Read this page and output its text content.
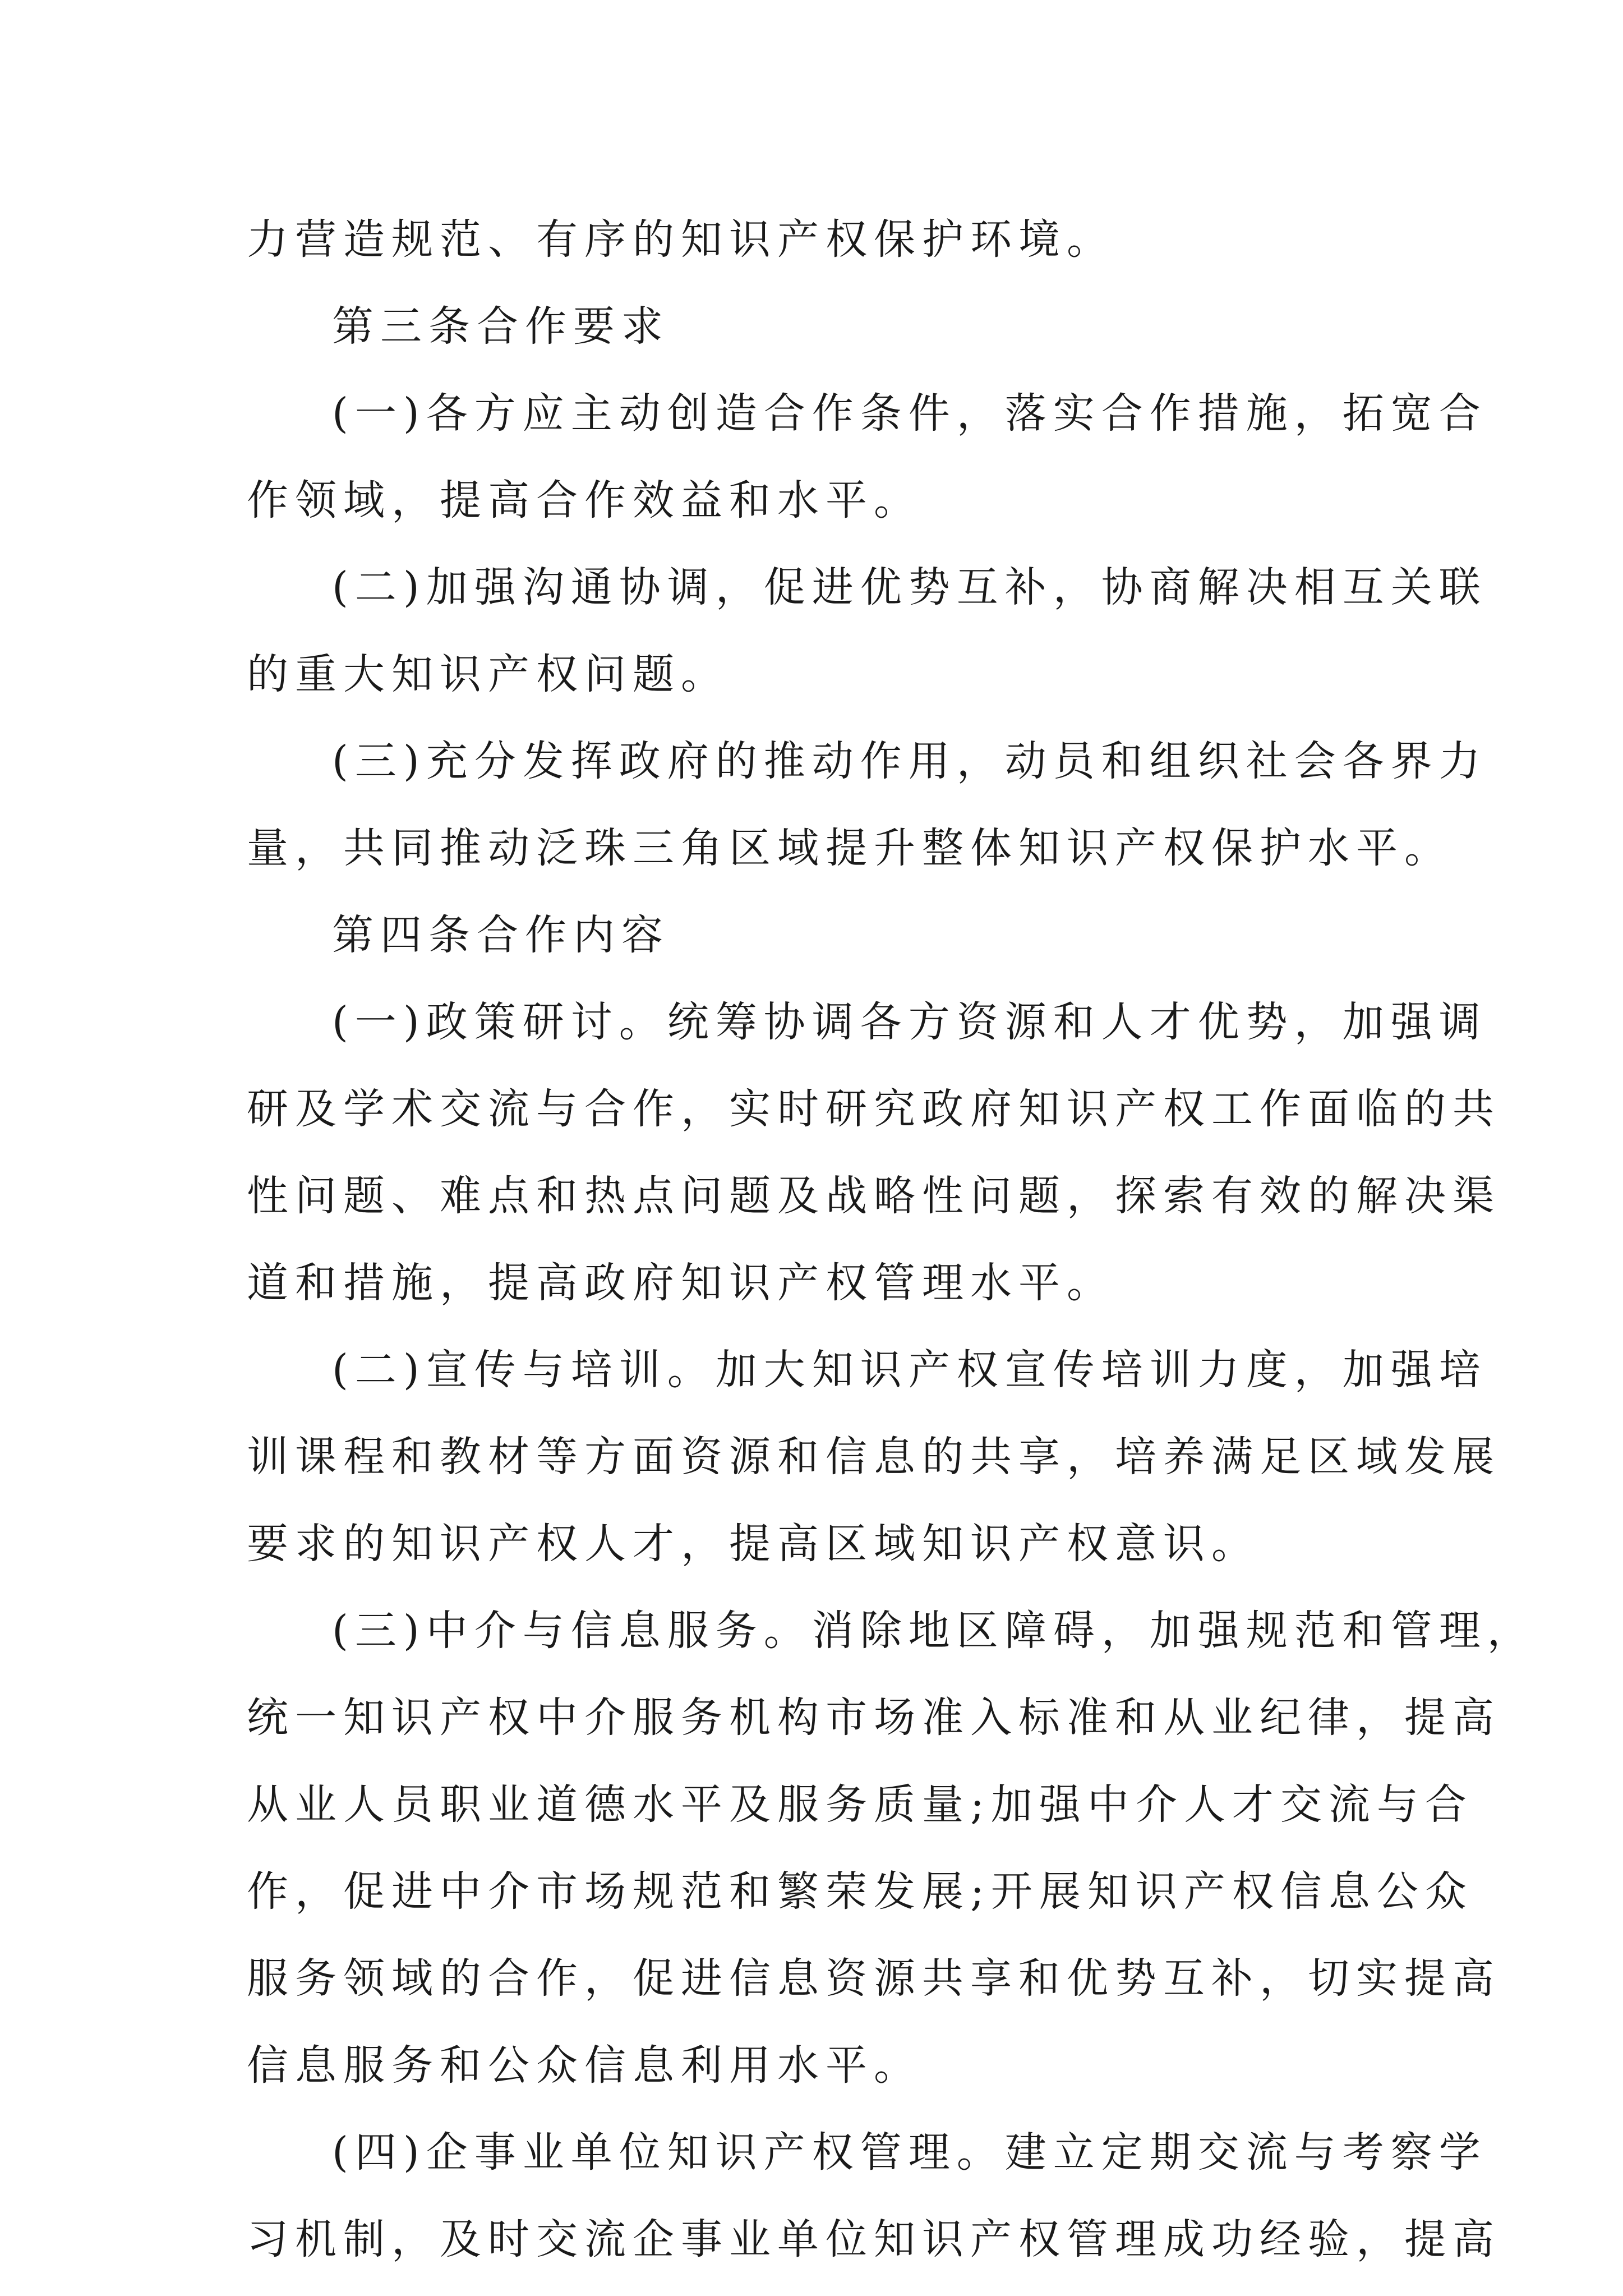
力营造规范、有序的知识产权保护环境。
第三条合作要求
(一)各方应主动创造合作条件，落实合作措施，拓宽合
作领域，提高合作效益和水平。
(二)加强沟通协调，促进优势互补，协商解决相互关联
的重大知识产权问题。
(三)充分发挥政府的推动作用，动员和组织社会各界力
量，共同推动泛珠三角区域提升整体知识产权保护水平。
第四条合作内容
(一)政策研讨。统筹协调各方资源和人才优势，加强调
研及学术交流与合作，实时研究政府知识产权工作面临的共
性问题、难点和热点问题及战略性问题，探索有效的解决渠
道和措施，提高政府知识产权管理水平。
(二)宣传与培训。加大知识产权宣传培训力度，加强培
训课程和教材等方面资源和信息的共享，培养满足区域发展
要求的知识产权人才，提高区域知识产权意识。
(三)中介与信息服务。消除地区障碍，加强规范和管理，
统一知识产权中介服务机构市场准入标准和从业纪律，提高
从业人员职业道德水平及服务质量;加强中介人才交流与合
作，促进中介市场规范和繁荣发展;开展知识产权信息公众
服务领域的合作，促进信息资源共享和优势互补，切实提高
信息服务和公众信息利用水平。
(四)企事业单位知识产权管理。建立定期交流与考察学
习机制，及时交流企事业单位知识产权管理成功经验，提高
